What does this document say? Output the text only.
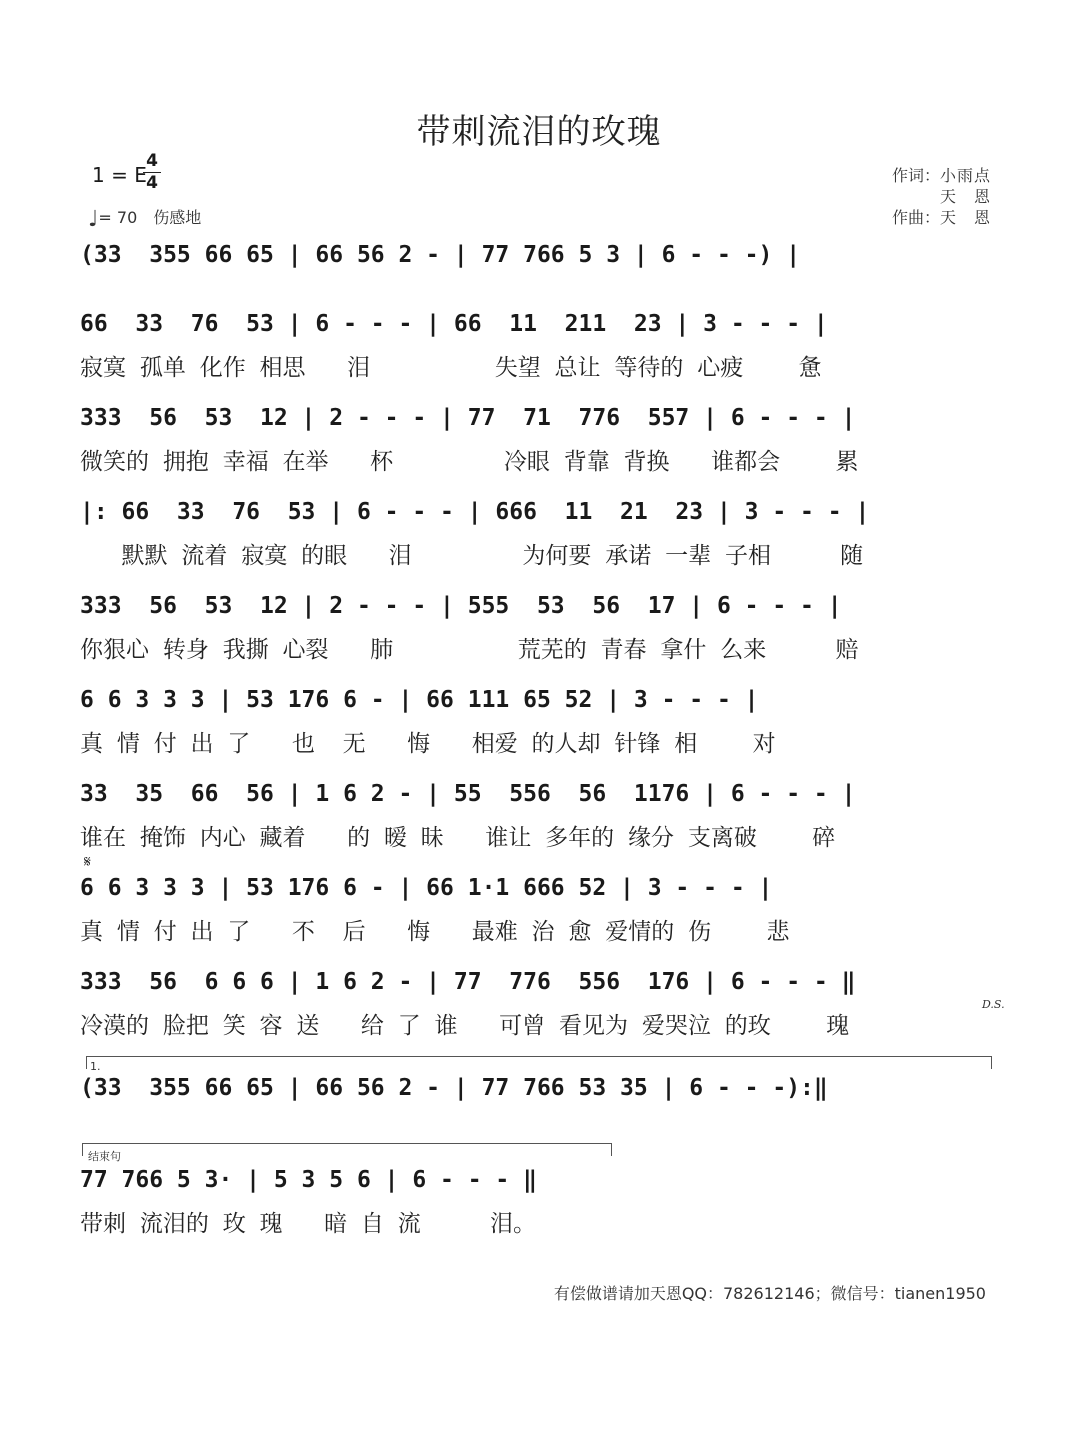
带刺流泪的玫瑰
1 = E
4
4
♩= 70 伤感地
作词： 小雨点
天 恩
作曲： 天 恩
(33  355 66 65 | 66 56 2 - | 77 766 5 3 | 6 - - -) |
66  33  76  53 | 6 - - - | 66  11  211  23 | 3 - - - |
寂寞 孤单 化作 相思   泪         失望 总让 等待的 心疲    惫
333  56  53  12 | 2 - - - | 77  71  776  557 | 6 - - - |
微笑的 拥抱 幸福 在举   杯        冷眼 背靠 背换   谁都会    累
|: 66  33  76  53 | 6 - - - | 666  11  21  23 | 3 - - - |
默默 流着 寂寞 的眼   泪        为何要 承诺 一辈 子相     随
333  56  53  12 | 2 - - - | 555  53  56  17 | 6 - - - |
你狠心 转身 我撕 心裂   肺         荒芜的 青春 拿什 么来     赔
6 6 3 3 3 | 53 176 6 - | 66 111 65 52 | 3 - - - |
真 情 付 出 了   也  无   悔   相爱 的人却 针锋 相    对
33  35  66  56 | 1 6 2 - | 55  556  56  1176 | 6 - - - |
谁在 掩饰 内心 藏着   的 暧 昧   谁让 多年的 缘分 支离破    碎
𝄋
6 6 3 3 3 | 53 176 6 - | 66 1·1 666 52 | 3 - - - |
真 情 付 出 了   不  后   悔   最难 治 愈 爱情的 伤    悲
333  56  6 6 6 | 1 6 2 - | 77  776  556  176 | 6 - - - ‖
冷漠的 脸把 笑 容 送   给 了 谁   可曾 看见为 爱哭泣 的玫    瑰
D.S.
1.
(33  355 66 65 | 66 56 2 - | 77 766 53 35 | 6 - - -):‖
结束句
77 766 5 3· | 5 3 5 6 | 6 - - - ‖
带刺 流泪的 玫 瑰   暗 自 流     泪。
有偿做谱请加天恩QQ：782612146；微信号：tianen1950
